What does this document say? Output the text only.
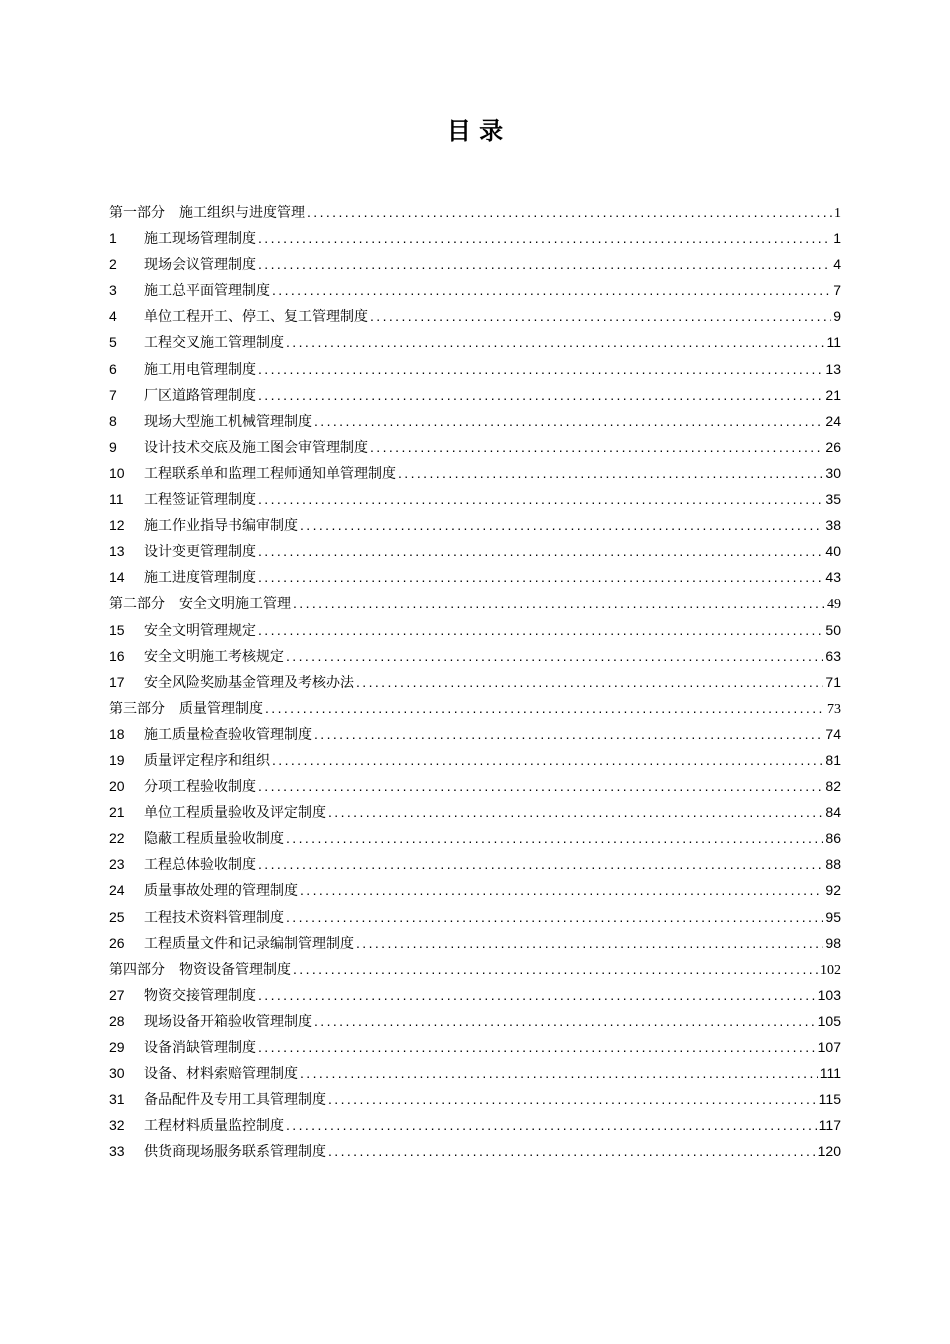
目 录
第一部分　施工组织与进度管理 .....	1
1	施工现场管理制度 .....	1
2	现场会议管理制度 .....	4
3	施工总平面管理制度 .....	7
4	单位工程开工、停工、复工管理制度 .....	9
5	工程交叉施工管理制度 .....	11
6	施工用电管理制度 .....	13
7	厂区道路管理制度 .....	21
8	现场大型施工机械管理制度 .....	24
9	设计技术交底及施工图会审管理制度 .....	26
10	工程联系单和监理工程师通知单管理制度 .....	30
11	工程签证管理制度 .....	35
12	施工作业指导书编审制度 .....	38
13	设计变更管理制度 .....	40
14	施工进度管理制度 .....	43
第二部分　安全文明施工管理 .....	49
15	安全文明管理规定 .....	50
16	安全文明施工考核规定 .....	63
17	安全风险奖励基金管理及考核办法 .....	71
第三部分　质量管理制度 .....	73
18	施工质量检查验收管理制度 .....	74
19	质量评定程序和组织 .....	81
20	分项工程验收制度 .....	82
21	单位工程质量验收及评定制度 .....	84
22	隐蔽工程质量验收制度 .....	86
23	工程总体验收制度 .....	88
24	质量事故处理的管理制度 .....	92
25	工程技术资料管理制度 .....	95
26	工程质量文件和记录编制管理制度 .....	98
第四部分　物资设备管理制度 .....	102
27	物资交接管理制度 .....	103
28	现场设备开箱验收管理制度 .....	105
29	设备消缺管理制度 .....	107
30	设备、材料索赔管理制度 .....	111
31	备品配件及专用工具管理制度 .....	115
32	工程材料质量监控制度 .....	117
33	供货商现场服务联系管理制度 .....	120
